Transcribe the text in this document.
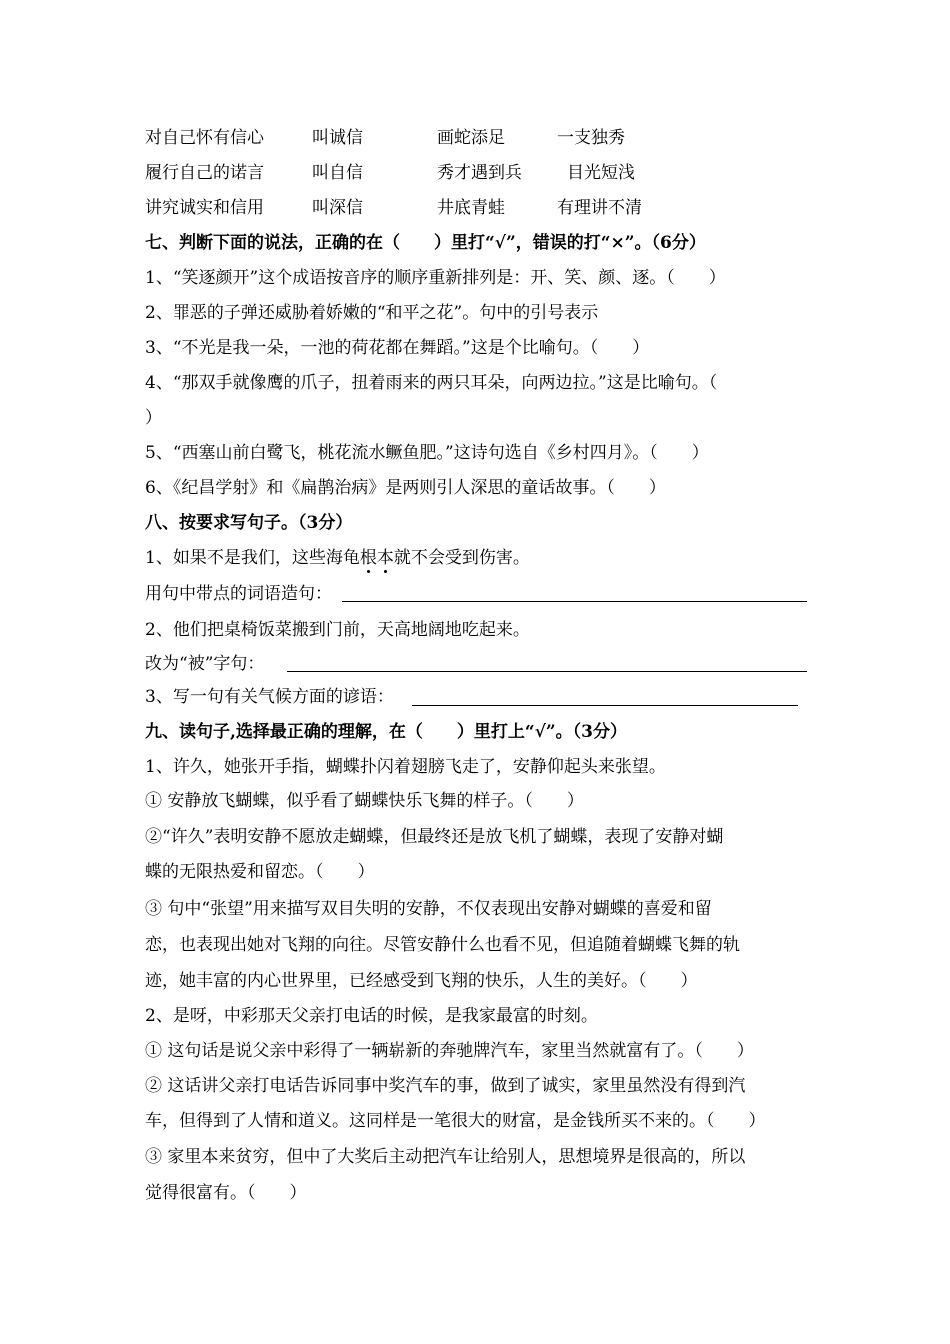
对自己怀有信心	叫诚信	画蛇添足	一支独秀
履行自己的诺言	叫自信	秀才遇到兵	目光短浅
讲究诚实和信用	叫深信	井底青蛙	有理讲不清
七、判断下面的说法，正确的在（　　）里打“√”，错误的打“×”。（6分）
1、“笑逐颜开”这个成语按音序的顺序重新排列是：开、笑、颜、逐。（　　）
2、罪恶的子弹还威胁着娇嫩的“和平之花”。句中的引号表示
3、“不光是我一朵，一池的荷花都在舞蹈。”这是个比喻句。（　　）
4、“那双手就像鹰的爪子，扭着雨来的两只耳朵，向两边拉。”这是比喻句。（
）
5、“西塞山前白鹭飞，桃花流水鳜鱼肥。”这诗句选自《乡村四月》。（　　）
6、《纪昌学射》和《扁鹊治病》是两则引人深思的童话故事。（　　）
八、按要求写句子。（3分）
1、如果不是我们，这些海龟根
本
就不会受到伤害。
用句中带点的词语造句：
2、他们把桌椅饭菜搬到门前，天高地阔地吃起来。
改为“被”字句：
3、写一句有关气候方面的谚语：
九、读句子,选择最正确的理解，在（　　）里打上“√”。（3分）
1、许久，她张开手指，蝴蝶扑闪着翅膀飞走了，安静仰起头来张望。
① 安静放飞蝴蝶，似乎看了蝴蝶快乐飞舞的样子。（　　）
②“许久”表明安静不愿放走蝴蝶，但最终还是放飞机了蝴蝶，表现了安静对蝴
蝶的无限热爱和留恋。（　　）
③ 句中“张望”用来描写双目失明的安静，不仅表现出安静对蝴蝶的喜爱和留
恋，也表现出她对飞翔的向往。尽管安静什么也看不见，但追随着蝴蝶飞舞的轨
迹，她丰富的内心世界里，已经感受到飞翔的快乐，人生的美好。（　　）
2、是呀，中彩那天父亲打电话的时候，是我家最富的时刻。
① 这句话是说父亲中彩得了一辆崭新的奔驰牌汽车，家里当然就富有了。（　　）
② 这话讲父亲打电话告诉同事中奖汽车的事，做到了诚实，家里虽然没有得到汽
车，但得到了人情和道义。这同样是一笔很大的财富，是金钱所买不来的。（　　）
③ 家里本来贫穷，但中了大奖后主动把汽车让给别人，思想境界是很高的，所以
觉得很富有。（　　）
